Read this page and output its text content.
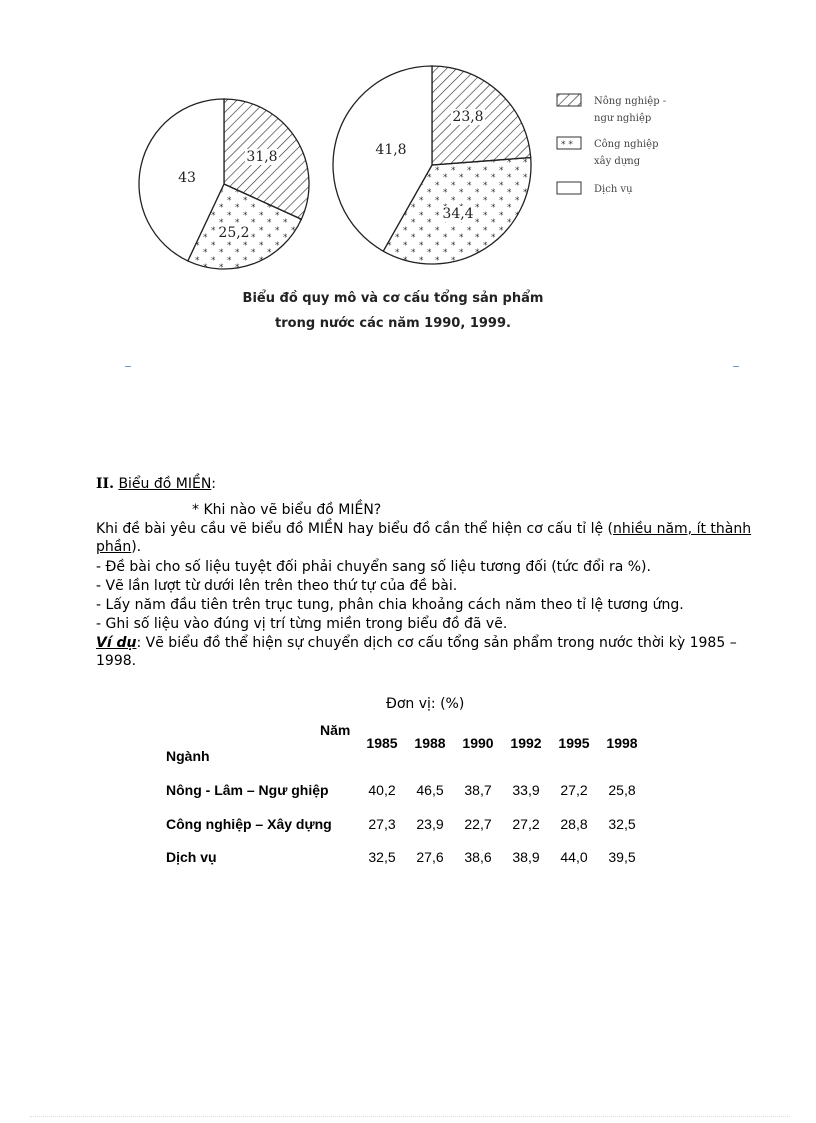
31,8
25,2
43
23,8
34,4
41,8
Nông nghiệp -
ngư nghiệp
* * Công nghiệp
xây dựng
Dịch vụ
Biểu đồ quy mô và cơ cấu tổng sản phẩm
trong nước các năm 1990, 1999.
II. Biểu đồ MIỀN:
* Khi nào vẽ biểu đồ MIỀN?
Khi đề bài yêu cầu vẽ biểu đồ MIỀN hay biểu đồ cần thể hiện cơ cấu tỉ lệ (nhiều năm, ít thành phần).
- Đề bài cho số liệu tuyệt đối phải chuyển sang số liệu tương đối (tức đổi ra %).
- Vẽ lần lượt từ dưới lên trên theo thứ tự của đề bài.
- Lấy năm đầu tiên trên trục tung, phân chia khoảng cách năm theo tỉ lệ tương ứng.
- Ghi số liệu vào đúng vị trí từng miền trong biểu đồ đã vẽ.
Ví dụ: Vẽ biểu đồ thể hiện sự chuyển dịch cơ cấu tổng sản phẩm trong nước thời kỳ 1985 – 1998.
Đơn vị: (%)
Năm
Ngành
1985	1988	1990	1992	1995	1998
Nông - Lâm – Ngư ghiệp	40,2	46,5	38,7	33,9	27,2	25,8
Công nghiệp – Xây dựng	27,3	23,9	22,7	27,2	28,8	32,5
Dịch vụ	32,5	27,6	38,6	38,9	44,0	39,5
